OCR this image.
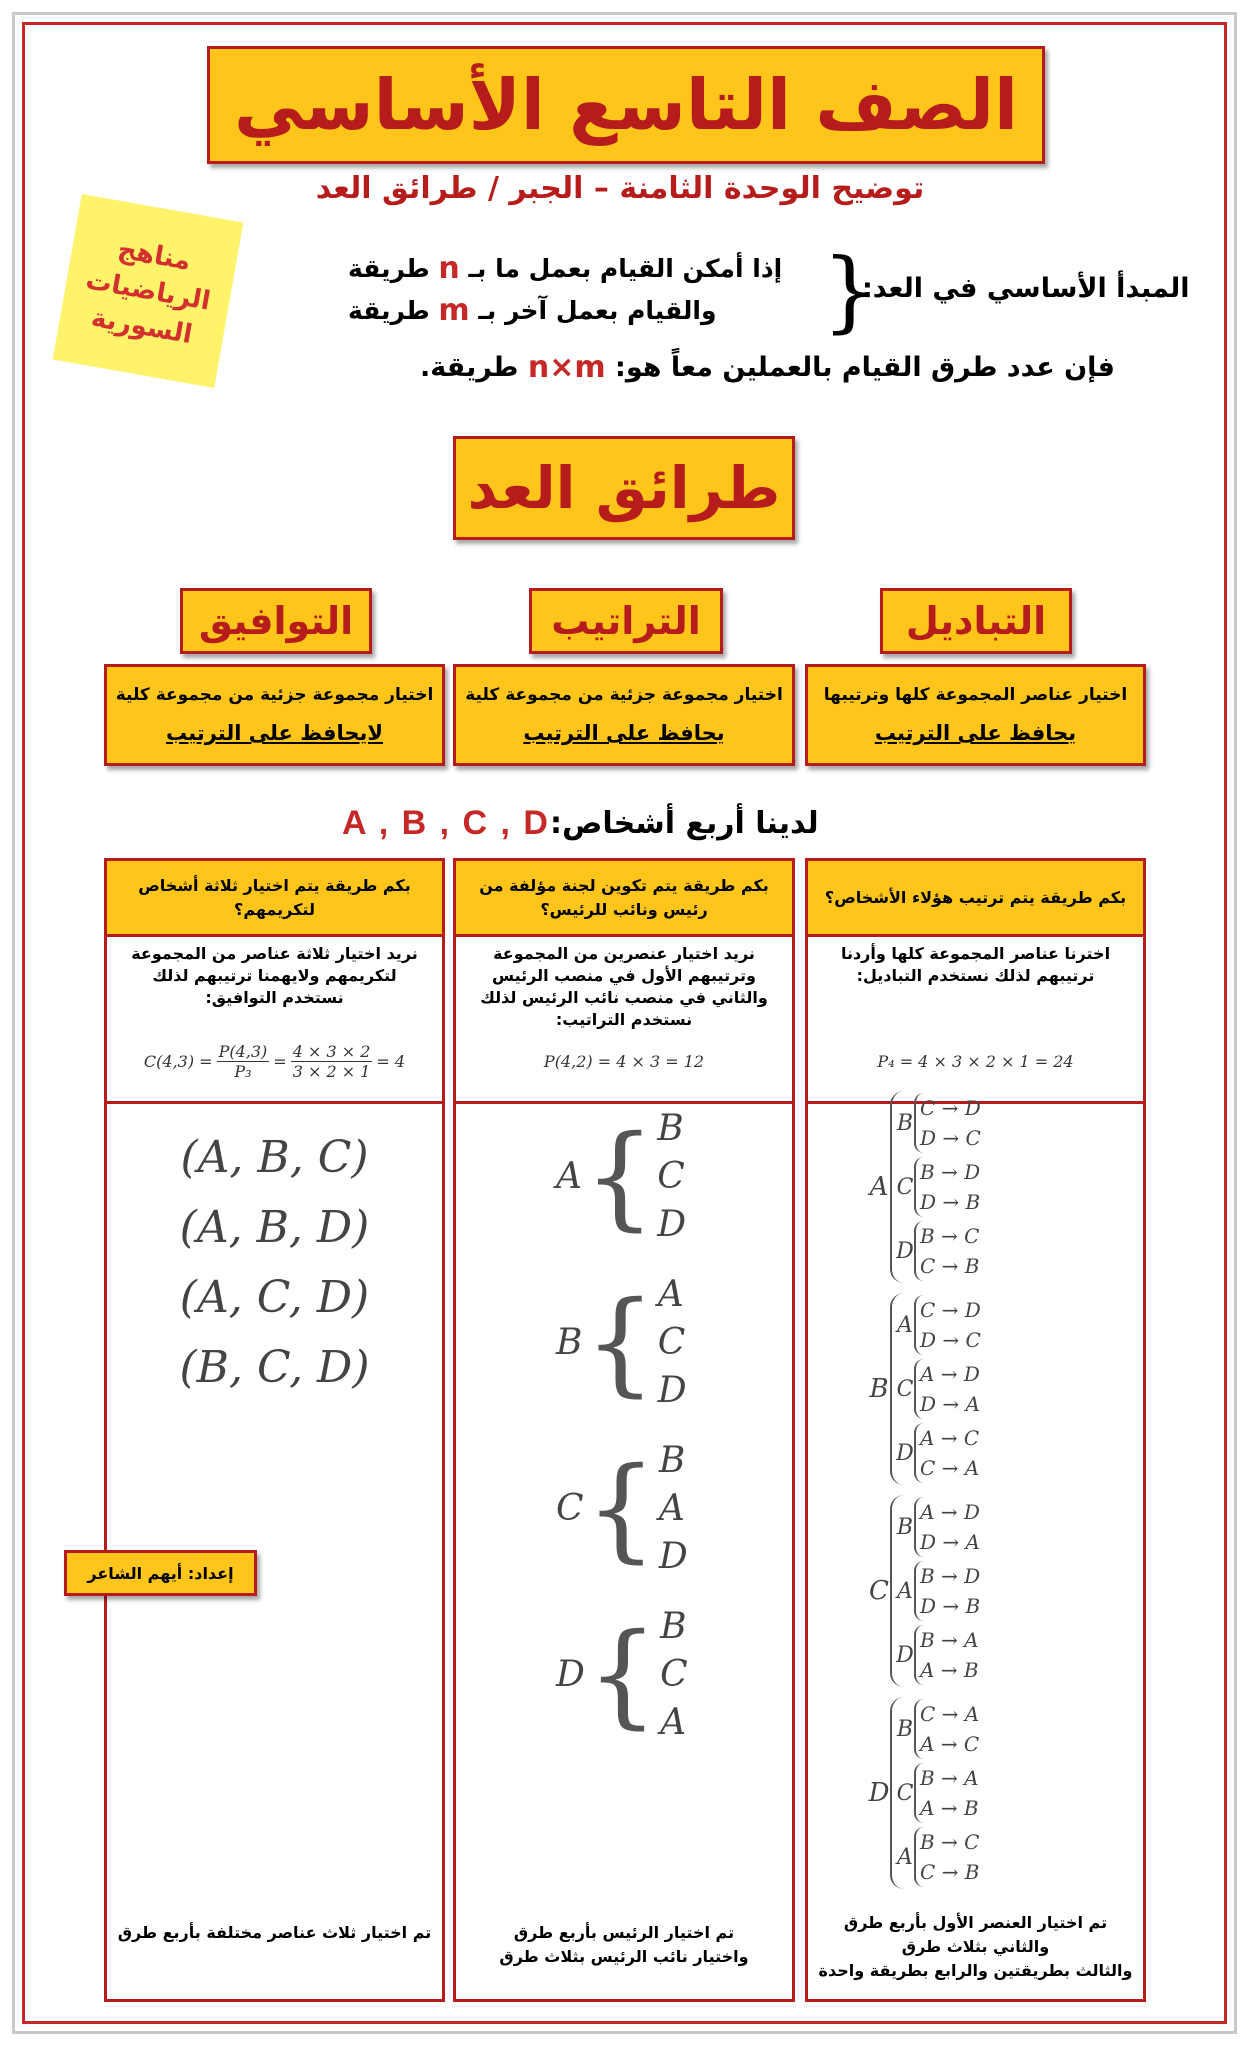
الصف التاسع الأساسي
توضيح الوحدة الثامنة – الجبر / طرائق العد
مناهج
الرياضيات
السورية
المبدأ الأساسي في العد:
}
إذا أمكن القيام بعمل ما بـ

n

طريقة
والقيام بعمل آخر بـ

m

طريقة
فإن عدد طرق القيام بالعملين معاً هو:

n×m

طريقة.
طرائق العد
التباديل
التراتيب
التوافيق
اختيار عناصر المجموعة كلها وترتيبها
يحافظ على الترتيب
اختيار مجموعة جزئية من مجموعة كلية
يحافظ على الترتيب
اختيار مجموعة جزئية من مجموعة كلية
لايحافظ على الترتيب
لدينا أربع أشخاص:
A , B , C , D
بكم طريقة يتم ترتيب هؤلاء الأشخاص؟
اخترنا عناصر المجموعة كلها وأردنا ترتيبهم لذلك نستخدم التباديل:
P₄ = 4 × 3 × 2 × 1 = 24
A
B
C → D
D → C
C
B → D
D → B
D
B → C
C → B
B
A
C → D
D → C
C
A → D
D → A
D
A → C
C → A
C
B
A → D
D → A
A
B → D
D → B
D
B → A
A → B
D
B
C → A
A → C
C
B → A
A → B
A
B → C
C → B
تم اختيار العنصر الأول بأربع طرق
والثاني بثلاث طرق
والثالث بطريقتين والرابع بطريقة واحدة
بكم طريقة يتم تكوين لجنة مؤلفة من رئيس ونائب للرئيس؟
نريد اختيار عنصرين من المجموعة وترتيبهم الأول في منصب الرئيس والثاني في منصب نائب الرئيس لذلك نستخدم التراتيب:
P(4,2) = 4 × 3 = 12
A { B
C
D
B { A
C
D
C { B
A
D
D { B
C
A
تم اختيار الرئيس بأربع طرق
واختيار نائب الرئيس بثلاث طرق
بكم طريقة يتم اختيار ثلاثة أشخاص لتكريمهم؟
نريد اختيار ثلاثة عناصر من المجموعة لتكريمهم ولايهمنا ترتيبهم لذلك نستخدم التوافيق:
$C(4,3) = \frac{P(4,3)}{\text{P₃}} = \frac{4 \times 3 \times 2}{3 \times 2 \times 1} = 4$
(A, B, C)
(A, B, D)
(A, C, D)
(B, C, D)
تم اختيار ثلاث عناصر مختلفة بأربع طرق
إعداد: أيهم الشاعر
